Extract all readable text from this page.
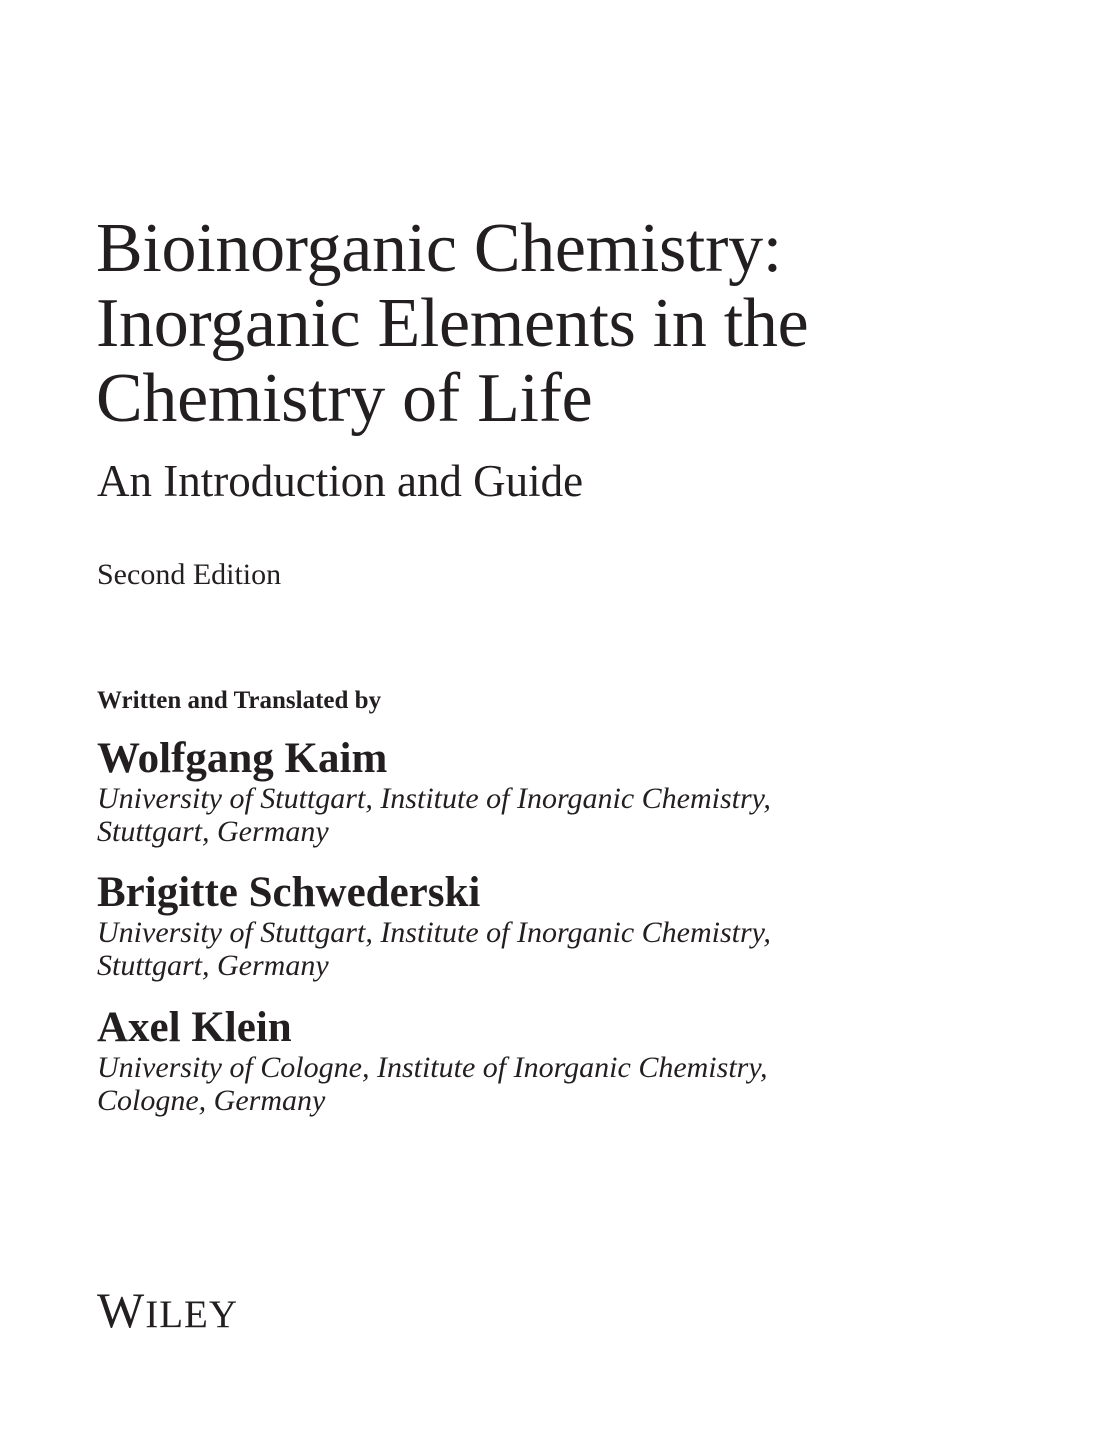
Bioinorganic Chemistry:
Inorganic Elements in the
Chemistry of Life
An Introduction and Guide
Second Edition
Written and Translated by
Wolfgang Kaim
University of Stuttgart, Institute of Inorganic Chemistry,
Stuttgart, Germany
Brigitte Schwederski
University of Stuttgart, Institute of Inorganic Chemistry,
Stuttgart, Germany
Axel Klein
University of Cologne, Institute of Inorganic Chemistry,
Cologne, Germany
WILEY
